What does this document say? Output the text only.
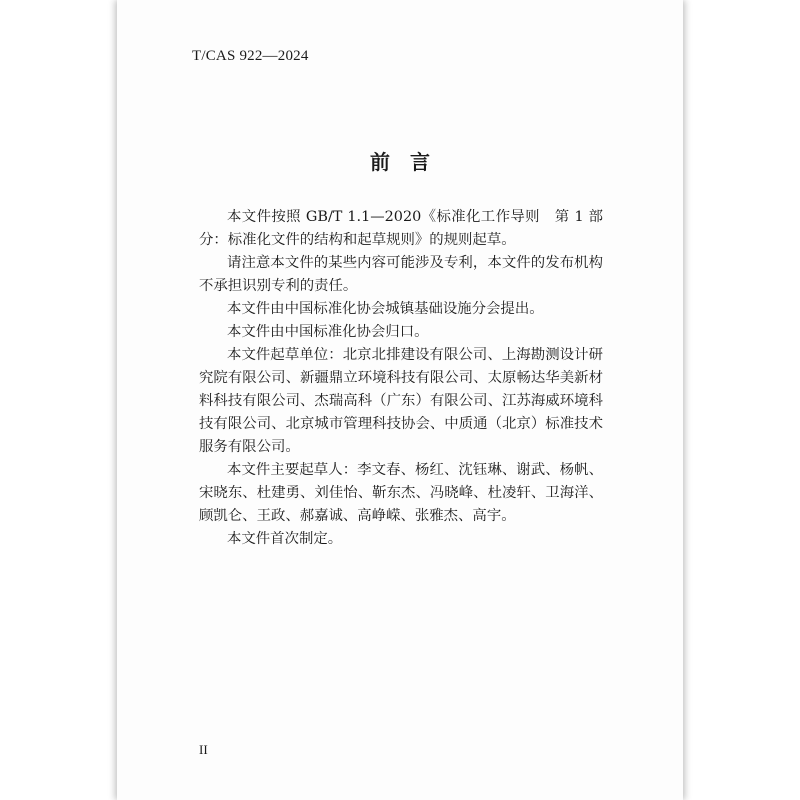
T/CAS 922—2024
前言

本文件按照 GB/T 1.1—2020《标准化工作导则　第 1 部分：标准化文件的结构和起草规则》的规则起草。

请注意本文件的某些内容可能涉及专利，本文件的发布机构不承担识别专利的责任。

本文件由中国标准化协会城镇基础设施分会提出。

本文件由中国标准化协会归口。

本文件起草单位：北京北排建设有限公司、上海勘测设计研究院有限公司、新疆鼎立环境科技有限公司、太原畅达华美新材料科技有限公司、杰瑞高科（广东）有限公司、江苏海威环境科技有限公司、北京城市管理科技协会、中质通（北京）标准技术服务有限公司。

本文件主要起草人：李文春、杨红、沈钰琳、谢武、杨帆、宋晓东、杜建勇、刘佳怡、靳东杰、冯晓峰、杜凌轩、卫海洋、顾凯仑、王政、郝嘉诚、高峥嵘、张雅杰、高宇。

本文件首次制定。

II
